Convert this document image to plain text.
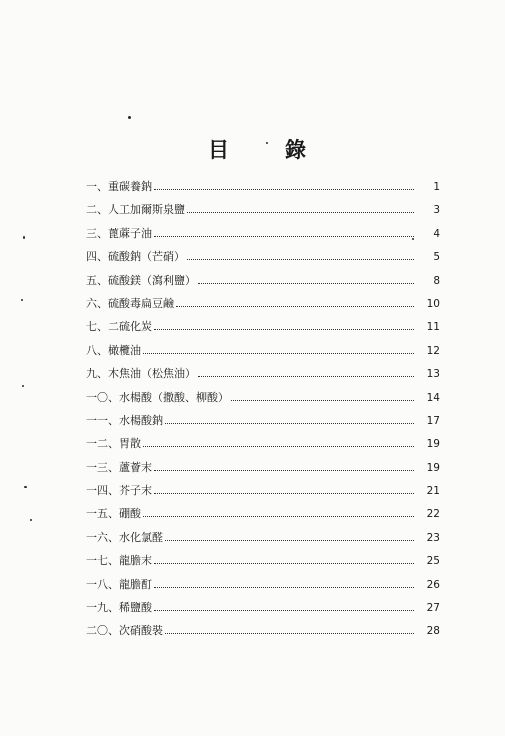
目	錄
一、重碳養鈉	1
二、人工加爾斯泉鹽	3
三、蓖蔴子油	4
四、硫酸鈉（芒硝）	5
五、硫酸鎂（瀉利鹽）	8
六、硫酸毒扁豆鹼	10
七、二硫化炭	11
八、橄欖油	12
九、木焦油（松焦油）	13
一〇、水楊酸（撒酸、柳酸）	14
一一、水楊酸鈉	17
一二、胃散	19
一三、蘆薈末	19
一四、芥子末	21
一五、硼酸	22
一六、水化氯醛	23
一七、龍膽末	25
一八、龍膽酊	26
一九、稀鹽酸	27
二〇、次硝酸裝	28
